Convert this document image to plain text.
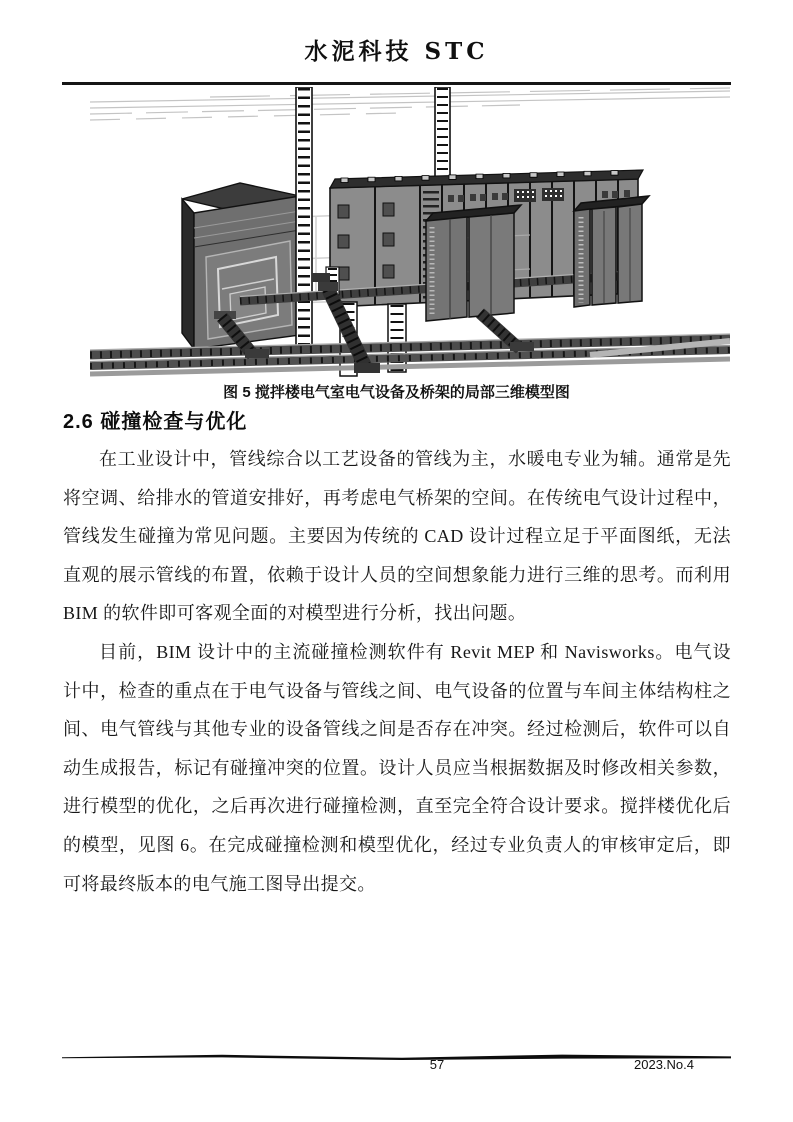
水泥科技 STC
图 5 搅拌楼电气室电气设备及桥架的局部三维模型图
2.6 碰撞检查与优化

在工业设计中，管线综合以工艺设备的管线为主，水暖电专业为辅。通常是先将空调、给排水的管道安排好，再考虑电气桥架的空间。在传统电气设计过程中，管线发生碰撞为常见问题。主要因为传统的 CAD 设计过程立足于平面图纸，无法直观的展示管线的布置，依赖于设计人员的空间想象能力进行三维的思考。而利用 BIM 的软件即可客观全面的对模型进行分析，找出问题。

目前，BIM 设计中的主流碰撞检测软件有 Revit MEP 和 Navisworks。电气设计中，检查的重点在于电气设备与管线之间、电气设备的位置与车间主体结构柱之间、电气管线与其他专业的设备管线之间是否存在冲突。经过检测后，软件可以自动生成报告，标记有碰撞冲突的位置。设计人员应当根据数据及时修改相关参数，进行模型的优化，之后再次进行碰撞检测，直至完全符合设计要求。搅拌楼优化后的模型，见图 6。在完成碰撞检测和模型优化，经过专业负责人的审核审定后，即可将最终版本的电气施工图导出提交。

57	2023.No.4
